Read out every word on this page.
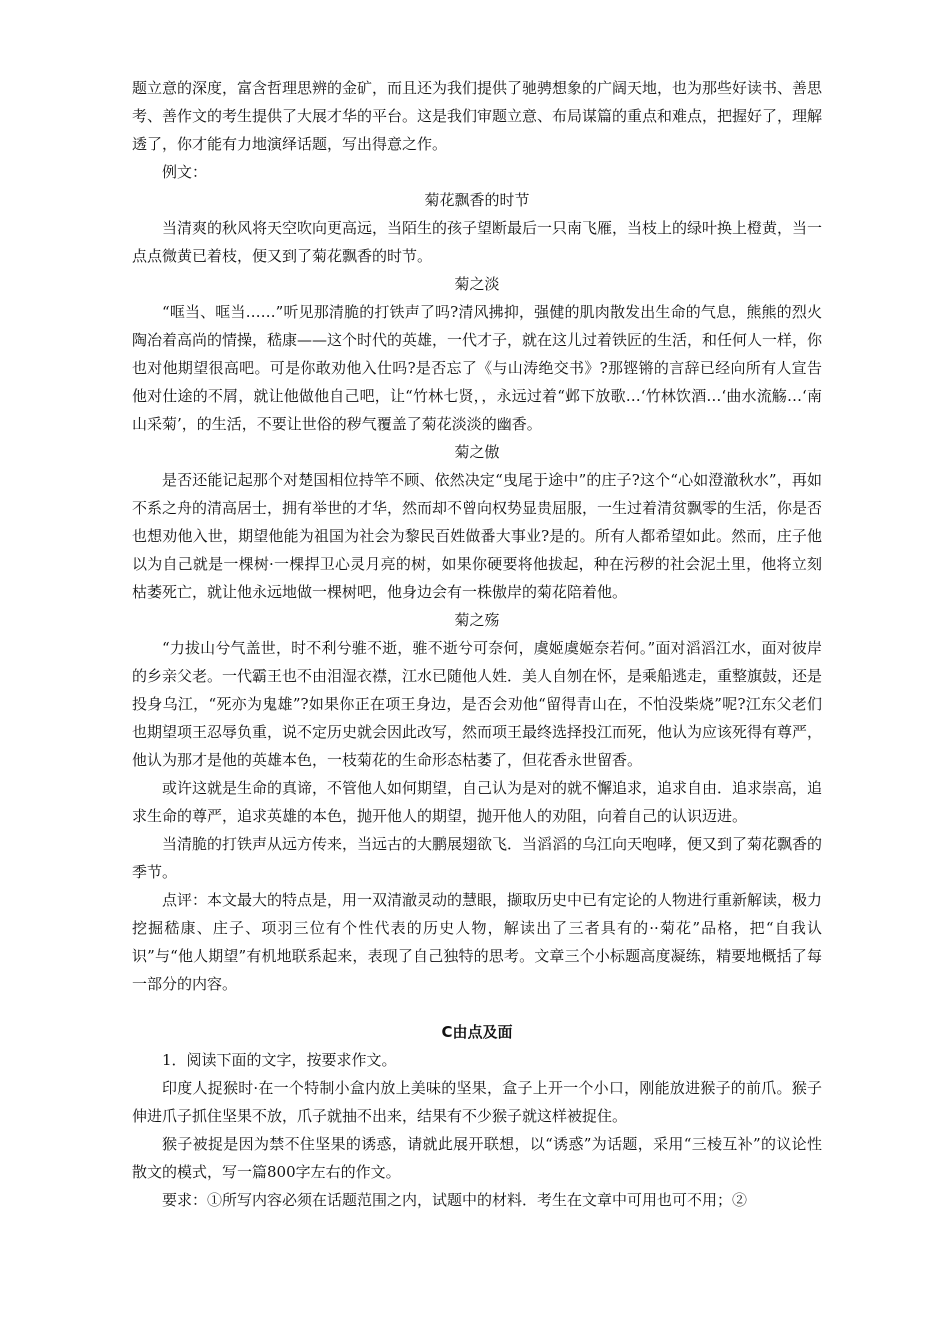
题立意的深度，富含哲理思辨的金矿，而且还为我们提供了驰骋想象的广阔天地，也为那些好读书、善思考、善作文的考生提供了大展才华的平台。这是我们审题立意、布局谋篇的重点和难点，把握好了，理解透了，你才能有力地演绎话题，写出得意之作。

例文：

菊花飘香的时节

当清爽的秋风将天空吹向更高远，当陌生的孩子望断最后一只南飞雁，当枝上的绿叶换上橙黄，当一点点微黄已着枝，便又到了菊花飘香的时节。

菊之淡

“哐当、哐当……”听见那清脆的打铁声了吗?清风拂抑，强健的肌肉散发出生命的气息，熊熊的烈火陶冶着高尚的情操，嵇康——这个时代的英雄，一代才子，就在这儿过着铁匠的生活，和任何人一样，你也对他期望很高吧。可是你敢劝他入仕吗?是否忘了《与山涛绝交书》?那铿锵的言辞已经向所有人宣告他对仕途的不屑，就让他做他自己吧，让“竹林七贤，，永远过着“邺下放歌…‘竹林饮酒…‘曲水流觞…‘南山采菊’，的生活，不要让世俗的秽气覆盖了菊花淡淡的幽香。

菊之傲

是否还能记起那个对楚国相位持竿不顾、依然决定“曳尾于途中”的庄子?这个“心如澄澈秋水”，再如不系之舟的清高居士，拥有举世的才华，然而却不曾向权势显贵屈服，一生过着清贫飘零的生活，你是否也想劝他入世，期望他能为祖国为社会为黎民百姓做番大事业?是的。所有人都希望如此。然而，庄子他以为自己就是一棵树·一棵捍卫心灵月亮的树，如果你硬要将他拔起，种在污秽的社会泥土里，他将立刻枯萎死亡，就让他永远地做一棵树吧，他身边会有一株傲岸的菊花陪着他。

菊之殇

“力拔山兮气盖世，时不利兮骓不逝，骓不逝兮可奈何，虞姬虞姬奈若何。”面对滔滔江水，面对彼岸的乡亲父老。一代霸王也不由泪湿衣襟，江水已随他人姓．美人自刎在怀，是乘船逃走，重整旗鼓，还是投身乌江，“死亦为鬼雄”?如果你正在项王身边，是否会劝他“留得青山在，不怕没柴烧”呢?江东父老们也期望项王忍辱负重，说不定历史就会因此改写，然而项王最终选择投江而死，他认为应该死得有尊严，他认为那才是他的英雄本色，一枝菊花的生命形态枯萎了，但花香永世留香。

或许这就是生命的真谛，不管他人如何期望，自己认为是对的就不懈追求，追求自由．追求崇高，追求生命的尊严，追求英雄的本色，抛开他人的期望，抛开他人的劝阻，向着自己的认识迈进。

当清脆的打铁声从远方传来，当远古的大鹏展翅欲飞．当滔滔的乌江向天咆哮，便又到了菊花飘香的季节。

点评：本文最大的特点是，用一双清澈灵动的慧眼，撷取历史中已有定论的人物进行重新解读，极力挖掘嵇康、庄子、项羽三位有个性代表的历史人物，解读出了三者具有的··菊花”品格，把“自我认识”与“他人期望”有机地联系起来，表现了自己独特的思考。文章三个小标题高度凝练，精要地概括了每一部分的内容。

C由点及面

1．阅读下面的文字，按要求作文。

印度人捉猴时·在一个特制小盒内放上美味的坚果，盒子上开一个小口，刚能放进猴子的前爪。猴子伸进爪子抓住坚果不放，爪子就抽不出来，结果有不少猴子就这样被捉住。

猴子被捉是因为禁不住坚果的诱惑，请就此展开联想，以“诱惑”为话题，采用“三棱互补”的议论性散文的模式，写一篇800字左右的作文。

要求：①所写内容必须在话题范围之内，试题中的材料．考生在文章中可用也可不用；②
